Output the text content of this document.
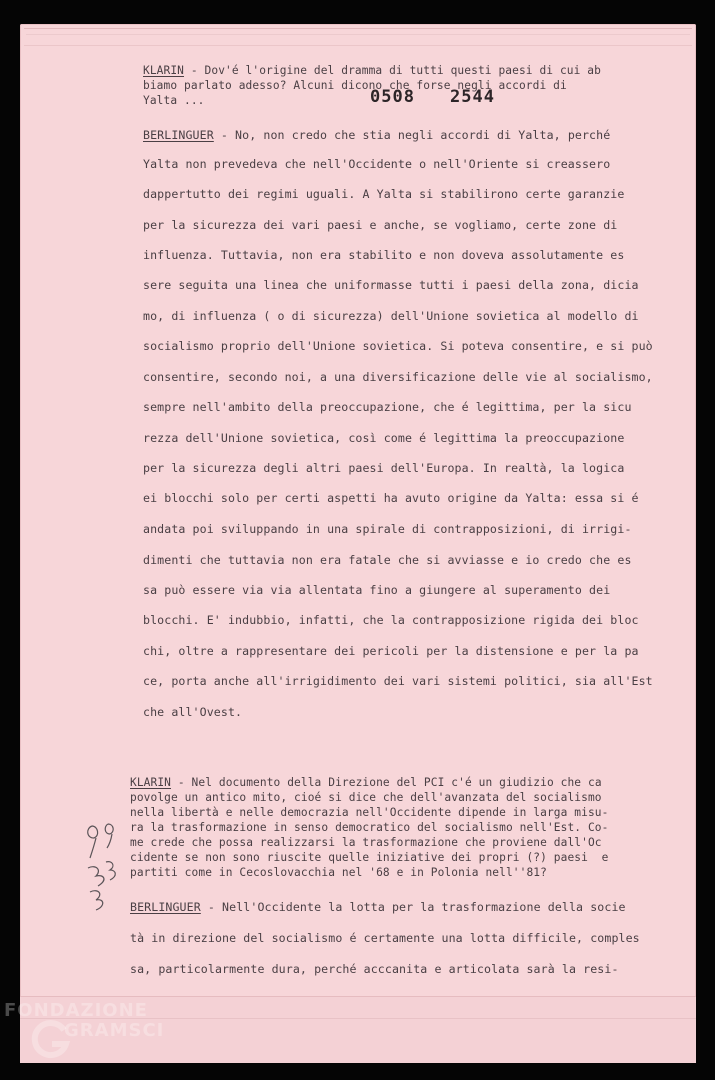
0508 2544
KLARIN - Dov'é l'origine del dramma di tutti questi paesi di cui ab
biamo parlato adesso? Alcuni dicono che forse negli accordi di
Yalta ...
BERLINGUER - No, non credo che stia negli accordi di Yalta, perché
Yalta non prevedeva che nell'Occidente o nell'Oriente si creassero
dappertutto dei regimi uguali. A Yalta si stabilirono certe garanzie
per la sicurezza dei vari paesi e anche, se vogliamo, certe zone di
influenza. Tuttavia, non era stabilito e non doveva assolutamente es
sere seguita una linea che uniformasse tutti i paesi della zona, dicia
mo, di influenza ( o di sicurezza) dell'Unione sovietica al modello di
socialismo proprio dell'Unione sovietica. Si poteva consentire, e si può
consentire, secondo noi, a una diversificazione delle vie al socialismo,
sempre nell'ambito della preoccupazione, che é legittima, per la sicu
rezza dell'Unione sovietica, così come é legittima la preoccupazione
per la sicurezza degli altri paesi dell'Europa. In realtà, la logica
ei blocchi solo per certi aspetti ha avuto origine da Yalta: essa si é
andata poi sviluppando in una spirale di contrapposizioni, di irrigi-
dimenti che tuttavia non era fatale che si avviasse e io credo che es
sa può essere via via allentata fino a giungere al superamento dei
blocchi. E' indubbio, infatti, che la contrapposizione rigida dei bloc
chi, oltre a rappresentare dei pericoli per la distensione e per la pa
ce, porta anche all'irrigidimento dei vari sistemi politici, sia all'Est
che all'Ovest.
KLARIN - Nel documento della Direzione del PCI c'é un giudizio che ca
povolge un antico mito, cioé si dice che dell'avanzata del socialismo
nella libertà e nelle democrazia nell'Occidente dipende in larga misu-
ra la trasformazione in senso democratico del socialismo nell'Est. Co-
me crede che possa realizzarsi la trasformazione che proviene dall'Oc
cidente se non sono riuscite quelle iniziative dei propri (?) paesi  e
partiti come in Cecoslovacchia nel '68 e in Polonia nell''81?
BERLINGUER - Nell'Occidente la lotta per la trasformazione della socie
tà in direzione del socialismo é certamente una lotta difficile, comples
sa, particolarmente dura, perché acccanita e articolata sarà la resi-
FONDAZIONE
GRAMSCI
